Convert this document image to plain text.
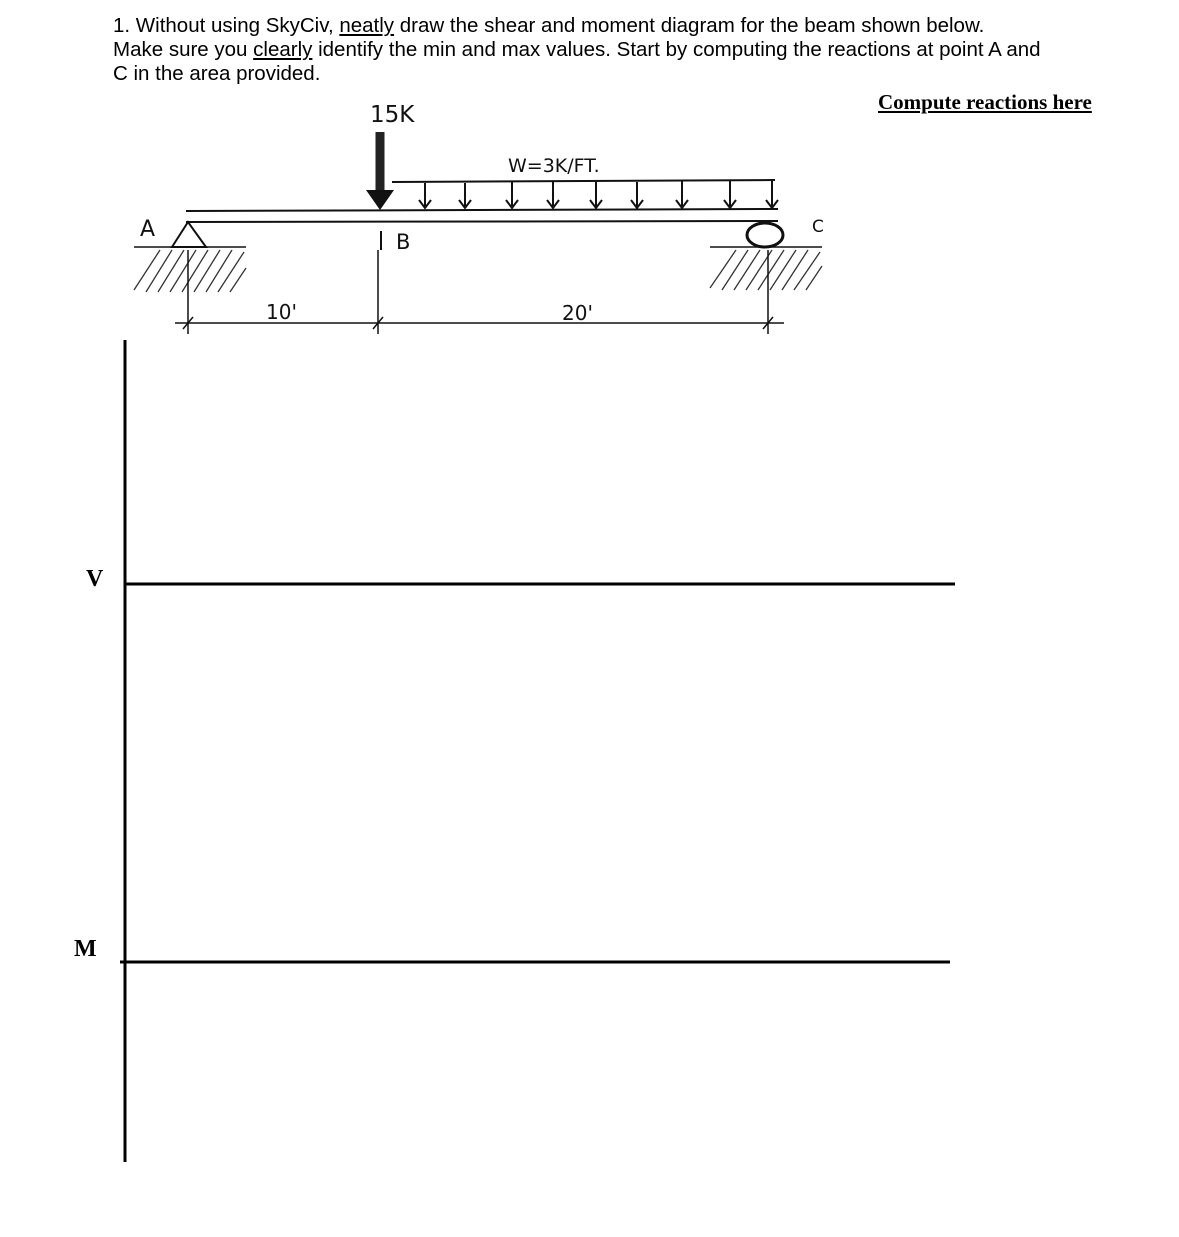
1. Without using SkyCiv, neatly draw the shear and moment diagram for the beam shown below.
Make sure you clearly identify the min and max values. Start by computing the reactions at point A and
C in the area provided.
Compute reactions here
15K
W=3K/FT.
A	B
C
10'	20'
V
M
